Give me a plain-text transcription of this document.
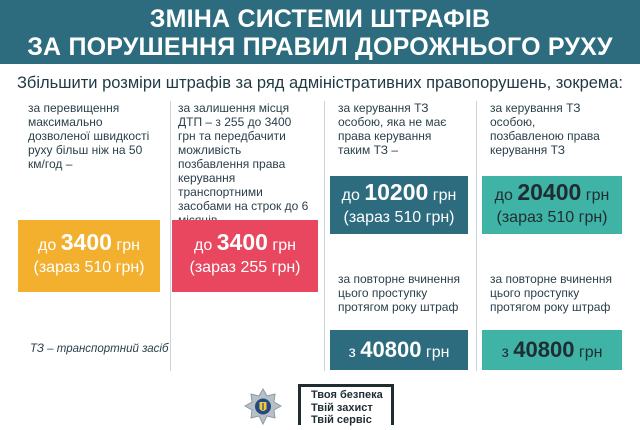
ЗМІНА СИСТЕМИ ШТРАФІВ
ЗА ПОРУШЕННЯ ПРАВИЛ ДОРОЖНЬОГО РУХУ
Збільшити розміри штрафів за ряд адміністративних правопорушень, зокрема:
за перевищення максимально дозволеної швидкості руху більш ніж на 50 км/год –
до 3400 грн
(зараз 510 грн)
за залишення місця ДТП – з 255 до 3400 грн та передбачити можливість позбавлення права керування транспортними засобами на строк до 6
до 3400 грн
(зараз 255 грн)
за керування ТЗ особою, яка не має права керування таким ТЗ –
до 10200 грн
(зараз 510 грн)
за повторне вчинення цього проступку протягом року штраф
з 40800 грн
за керування ТЗ особою, позбавленою права керування ТЗ
до 20400 грн
(зараз 510 грн)
за повторне вчинення цього проступку протягом року штраф
з 40800 грн
ТЗ – транспортний засіб
Твоя безпека
Твій захист
Твій сервіс
